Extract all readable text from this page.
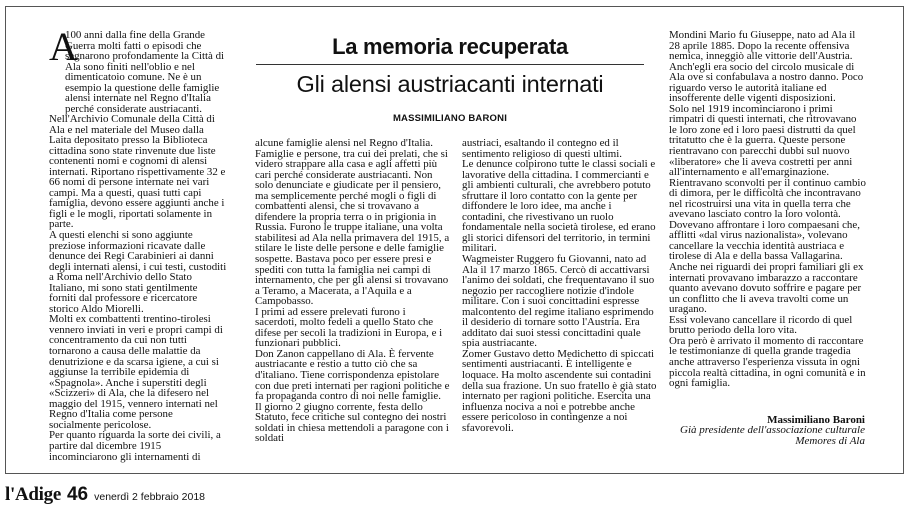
A

100 anni dalla fine della Grande Guerra molti fatti o episodi che segnarono profondamente la Città di Ala sono finiti nell'oblio e nel dimenticatoio comune. Ne è un esempio la questione delle famiglie alensi internate nel Regno d'Italia perché considerate austriacanti.

Nell'Archivio Comunale della Città di Ala e nel materiale del Museo dalla Laita depositato presso la Biblioteca cittadina sono state rinvenute due liste contenenti nomi e cognomi di alensi internati. Riportano rispettivamente 32 e 66 nomi di persone internate nei vari campi. Ma a questi, quasi tutti capi famiglia, devono essere aggiunti anche i figli e le mogli, riportati solamente in parte.

A questi elenchi si sono aggiunte preziose informazioni ricavate dalle denunce dei Regi Carabinieri ai danni degli internati alensi, i cui testi, custoditi a Roma nell'Archivio dello Stato Italiano, mi sono stati gentilmente forniti dal professore e ricercatore storico Aldo Miorelli.

Molti ex combattenti trentino-tirolesi vennero inviati in veri e propri campi di concentramento da cui non tutti tornarono a causa delle malattie da denutrizione e da scarsa igiene, a cui si aggiunse la terribile epidemia di «Spagnola». Anche i superstiti degli «Scizzeri» di Ala, che la difesero nel maggio del 1915, vennero internati nel Regno d'Italia come persone socialmente pericolose.

Per quanto riguarda la sorte dei civili, a partire dal dicembre 1915 incominciarono gli internamenti di

La memoria recuperata
Gli alensi austriacanti internati
MASSIMILIANO BARONI

alcune famiglie alensi nel Regno d'Italia. Famiglie e persone, tra cui dei prelati, che si videro strappare alla casa e agli affetti più cari perché considerate austriacanti. Non solo denunciate e giudicate per il pensiero, ma semplicemente perché mogli o figli di combattenti alensi, che si trovavano a difendere la propria terra o in prigionia in Russia. Furono le truppe italiane, una volta stabilitesi ad Ala nella primavera del 1915, a stilare le liste delle persone e delle famiglie sospette. Bastava poco per essere presi e spediti con tutta la famiglia nei campi di internamento, che per gli alensi si trovavano a Teramo, a Macerata, a l'Aquila e a Campobasso.

I primi ad essere prelevati furono i sacerdoti, molto fedeli a quello Stato che difese per secoli la tradizioni in Europa, e i funzionari pubblici.

Don Zanon cappellano di Ala. È fervente austriacante e restio a tutto ciò che sa d'italiano. Tiene corrispondenza epistolare con due preti internati per ragioni politiche e fa propaganda contro di noi nelle famiglie. Il giorno 2 giugno corrente, festa dello Statuto, fece critiche sul contegno dei nostri soldati in chiesa mettendoli a paragone con i soldati

austriaci, esaltando il contegno ed il sentimento religioso di questi ultimi.

Le denunce colpirono tutte le classi sociali e lavorative della cittadina. I commercianti e gli ambienti culturali, che avrebbero potuto sfruttare il loro contatto con la gente per diffondere le loro idee, ma anche i contadini, che rivestivano un ruolo fondamentale nella società tirolese, ed erano gli storici difensori del territorio, in termini militari.

Wagmeister Ruggero fu Giovanni, nato ad Ala il 17 marzo 1865. Cercò di accattivarsi l'animo dei soldati, che frequentavano il suo negozio per raccogliere notizie d'indole militare. Con i suoi concittadini espresse malcontento del regime italiano esprimendo il desiderio di tornare sotto l'Austria. Era additato dai suoi stessi concittadini quale spia austriacante.

Zomer Gustavo detto Medichetto di spiccati sentimenti austriacanti. È intelligente e loquace. Ha molto ascendente sui contadini della sua frazione. Un suo fratello è già stato internato per ragioni politiche. Esercita una influenza nociva a noi e potrebbe anche essere pericoloso in contingenze a noi sfavorevoli.

Mondini Mario fu Giuseppe, nato ad Ala il 28 aprile 1885. Dopo la recente offensiva nemica, inneggiò alle vittorie dell'Austria. Anch'egli era socio del circolo musicale di Ala ove si confabulava a nostro danno. Poco riguardo verso le autorità italiane ed insofferente delle vigenti disposizioni.

Solo nel 1919 incominciarono i primi rimpatri di questi internati, che ritrovavano le loro zone ed i loro paesi distrutti da quel tritatutto che è la guerra. Queste persone rientravano con parecchi dubbi sul nuovo «liberatore» che li aveva costretti per anni all'internamento e all'emarginazione. Rientravano sconvolti per il continuo cambio di dimora, per le difficoltà che incontravano nel ricostruirsi una vita in quella terra che avevano lasciato contro la loro volontà.

Dovevano affrontare i loro compaesani che, afflitti «dal virus nazionalista», volevano cancellare la vecchia identità austriaca e tirolese di Ala e della bassa Vallagarina. Anche nei riguardi dei propri familiari gli ex internati provavano imbarazzo a raccontare quanto avevano dovuto soffrire e pagare per un conflitto che li aveva travolti come un uragano.

Essi volevano cancellare il ricordo di quel brutto periodo della loro vita.

Ora però è arrivato il momento di raccontare le testimonianze di quella grande tragedia anche attraverso l'esperienza vissuta in ogni piccola realtà cittadina, in ogni comunità e in ogni famiglia.

Massimiliano Baroni
Già presidente dell'associazione culturale Memores di Ala
l'Adige 46 venerdì 2 febbraio 2018
